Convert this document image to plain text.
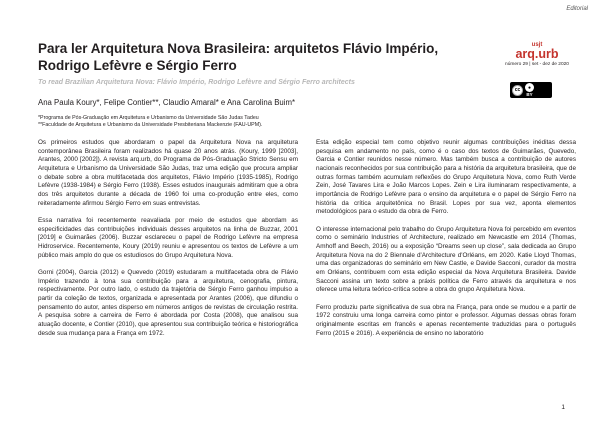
Editorial
Para ler Arquitetura Nova Brasileira: arquitetos Flávio Império, Rodrigo Lefèvre e Sérgio Ferro
To read Brazilian Arquitetura Nova: Flávio Império, Rodrigo Lefèvre and Sérgio Ferro architects
Ana Paula Koury*, Felipe Contier**, Claudio Amaral* e Ana Carolina Buim*
*Programa de Pós-Graduação em Arquitetura e Urbanismo da Universidade São Judas Tadeu
**Faculdade de Arquitetura e Urbanismo da Universidade Presbiteriana Mackenzie (FAU-UPM).
usjt
arq.urb
número 29 | set - dez de 2020
cc	●
BY

Os primeiros estudos que abordaram o papel da Arquitetura Nova na arquitetura contemporânea Brasileira foram realizados há quase 20 anos atrás. (Koury, 1999 [2003], Arantes, 2000 [2002]). A revista arq.urb, do Programa de Pós-Graduação Stricto Sensu em Arquitetura e Urbanismo da Universidade São Judas, traz uma edição que procura ampliar o debate sobre a obra multifacetada dos arquitetos, Flávio Império (1935-1985), Rodrigo Lefèvre (1938-1984) e Sérgio Ferro (1938). Esses estudos inaugurais admitiram que a obra dos três arquitetos durante a década de 1960 foi uma co-produção entre eles, como reiteradamente afirmou Sérgio Ferro em suas entrevistas.

Essa narrativa foi recentemente reavaliada por meio de estudos que abordam as especificidades das contribuições individuais desses arquitetos na linha de Buzzar, 2001 [2019] e Guimarães (2006). Buzzar esclareceu o papel de Rodrigo Lefèvre na empresa Hidroservice. Recentemente, Koury (2019) reuniu e apresentou os textos de Lefèvre a um público mais amplo do que os estudiosos do Grupo Arquitetura Nova.

Gorni (2004), Garcia (2012) e Quevedo (2019) estudaram a multifacetada obra de Flávio Império trazendo à tona sua contribuição para a arquitetura, cenografia, pintura, respectivamente. Por outro lado, o estudo da trajetória de Sérgio Ferro ganhou impulso a partir da coleção de textos, organizada e apresentada por Arantes (2006), que difundiu o pensamento do autor, antes disperso em números antigos de revistas de circulação restrita. A pesquisa sobre a carreira de Ferro é abordada por Costa (2008), que analisou sua atuação docente, e Contier (2010), que apresentou sua contribuição teórica e historiográfica desde sua mudança para a França em 1972.

Esta edição especial tem como objetivo reunir algumas contribuições inéditas dessa pesquisa em andamento no país, como é o caso dos textos de Guimarães, Quevedo, Garcia e Contier reunidos nesse número. Mas também busca a contribuição de autores nacionais reconhecidos por sua contribuição para a história da arquitetura brasileira, que de outras formas também acumulam reflexões do Grupo Arquitetura Nova, como Ruth Verde Zein, José Tavares Lira e João Marcos Lopes. Zein e Lira iluminaram respectivamente, a importância de Rodrigo Lefèvre para o ensino da arquitetura e o papel de Sérgio Ferro na história da crítica arquitetônica no Brasil. Lopes por sua vez, aponta elementos metodológicos para o estudo da obra de Ferro.

O interesse internacional pelo trabalho do Grupo Arquitetura Nova foi percebido em eventos como o seminário Industries of Architecture, realizado em Newcastle em 2014 (Thomas, Amhoff and Beech, 2016) ou a exposição “Dreams seen up close”, sala dedicada ao Grupo Arquitetura Nova na do 2 Biennale d'Architecture d'Orléans, em 2020. Katie Lloyd Thomas, uma das organizadoras do seminário em New Castle, e Davide Sacconi, curador da mostra em Orléans, contribuem com esta edição especial da Nova Arquitetura Brasileira. Davide Sacconi assina um texto sobre a práxis política de Ferro através da arquitetura e nos oferece uma leitura teórico-crítica sobre a obra do grupo Arquitetura Nova.

Ferro produziu parte significativa de sua obra na França, para onde se mudou e a partir de 1972 construiu uma longa carreira como pintor e professor. Algumas dessas obras foram originalmente escritas em francês e apenas recentemente traduzidas para o português Ferro (2015 e 2016). A experiência de ensino no laboratório

1
